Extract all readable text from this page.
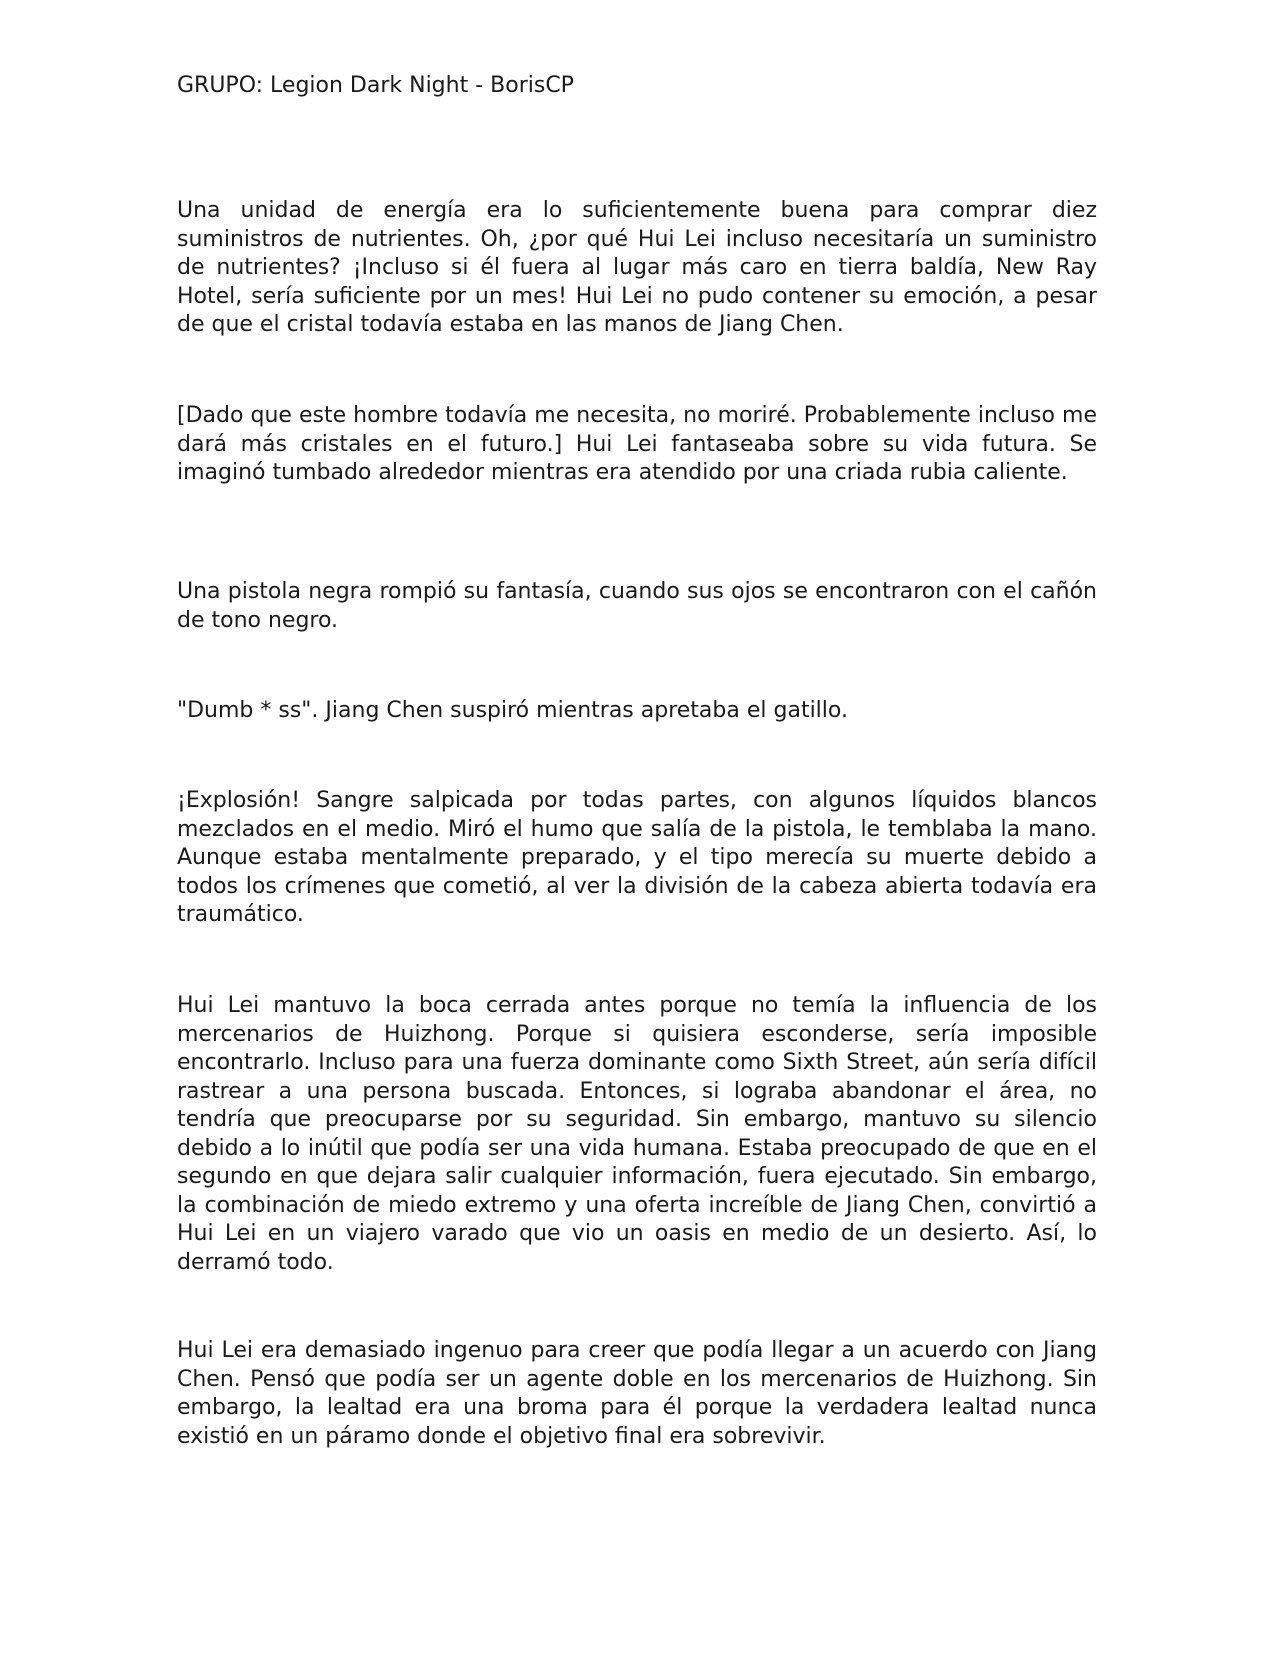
GRUPO: Legion Dark Night - BorisCP

Una unidad de energía era lo suficientemente buena para comprar diez suministros de nutrientes. Oh, ¿por qué Hui Lei incluso necesitaría un suministro de nutrientes? ¡Incluso si él fuera al lugar más caro en tierra baldía, New Ray Hotel, sería suficiente por un mes! Hui Lei no pudo contener su emoción, a pesar de que el cristal todavía estaba en las manos de Jiang Chen.

[Dado que este hombre todavía me necesita, no moriré. Probablemente incluso me dará más cristales en el futuro.] Hui Lei fantaseaba sobre su vida futura. Se imaginó tumbado alrededor mientras era atendido por una criada rubia caliente.

Una pistola negra rompió su fantasía, cuando sus ojos se encontraron con el cañón de tono negro.

"Dumb * ss". Jiang Chen suspiró mientras apretaba el gatillo.

¡Explosión! Sangre salpicada por todas partes, con algunos líquidos blancos mezclados en el medio. Miró el humo que salía de la pistola, le temblaba la mano. Aunque estaba mentalmente preparado, y el tipo merecía su muerte debido a todos los crímenes que cometió, al ver la división de la cabeza abierta todavía era traumático.

Hui Lei mantuvo la boca cerrada antes porque no temía la influencia de los mercenarios de Huizhong. Porque si quisiera esconderse, sería imposible encontrarlo. Incluso para una fuerza dominante como Sixth Street, aún sería difícil rastrear a una persona buscada. Entonces, si lograba abandonar el área, no tendría que preocuparse por su seguridad. Sin embargo, mantuvo su silencio debido a lo inútil que podía ser una vida humana. Estaba preocupado de que en el segundo en que dejara salir cualquier información, fuera ejecutado. Sin embargo, la combinación de miedo extremo y una oferta increíble de Jiang Chen, convirtió a Hui Lei en un viajero varado que vio un oasis en medio de un desierto. Así, lo derramó todo.

Hui Lei era demasiado ingenuo para creer que podía llegar a un acuerdo con Jiang Chen. Pensó que podía ser un agente doble en los mercenarios de Huizhong. Sin embargo, la lealtad era una broma para él porque la verdadera lealtad nunca existió en un páramo donde el objetivo final era sobrevivir.
